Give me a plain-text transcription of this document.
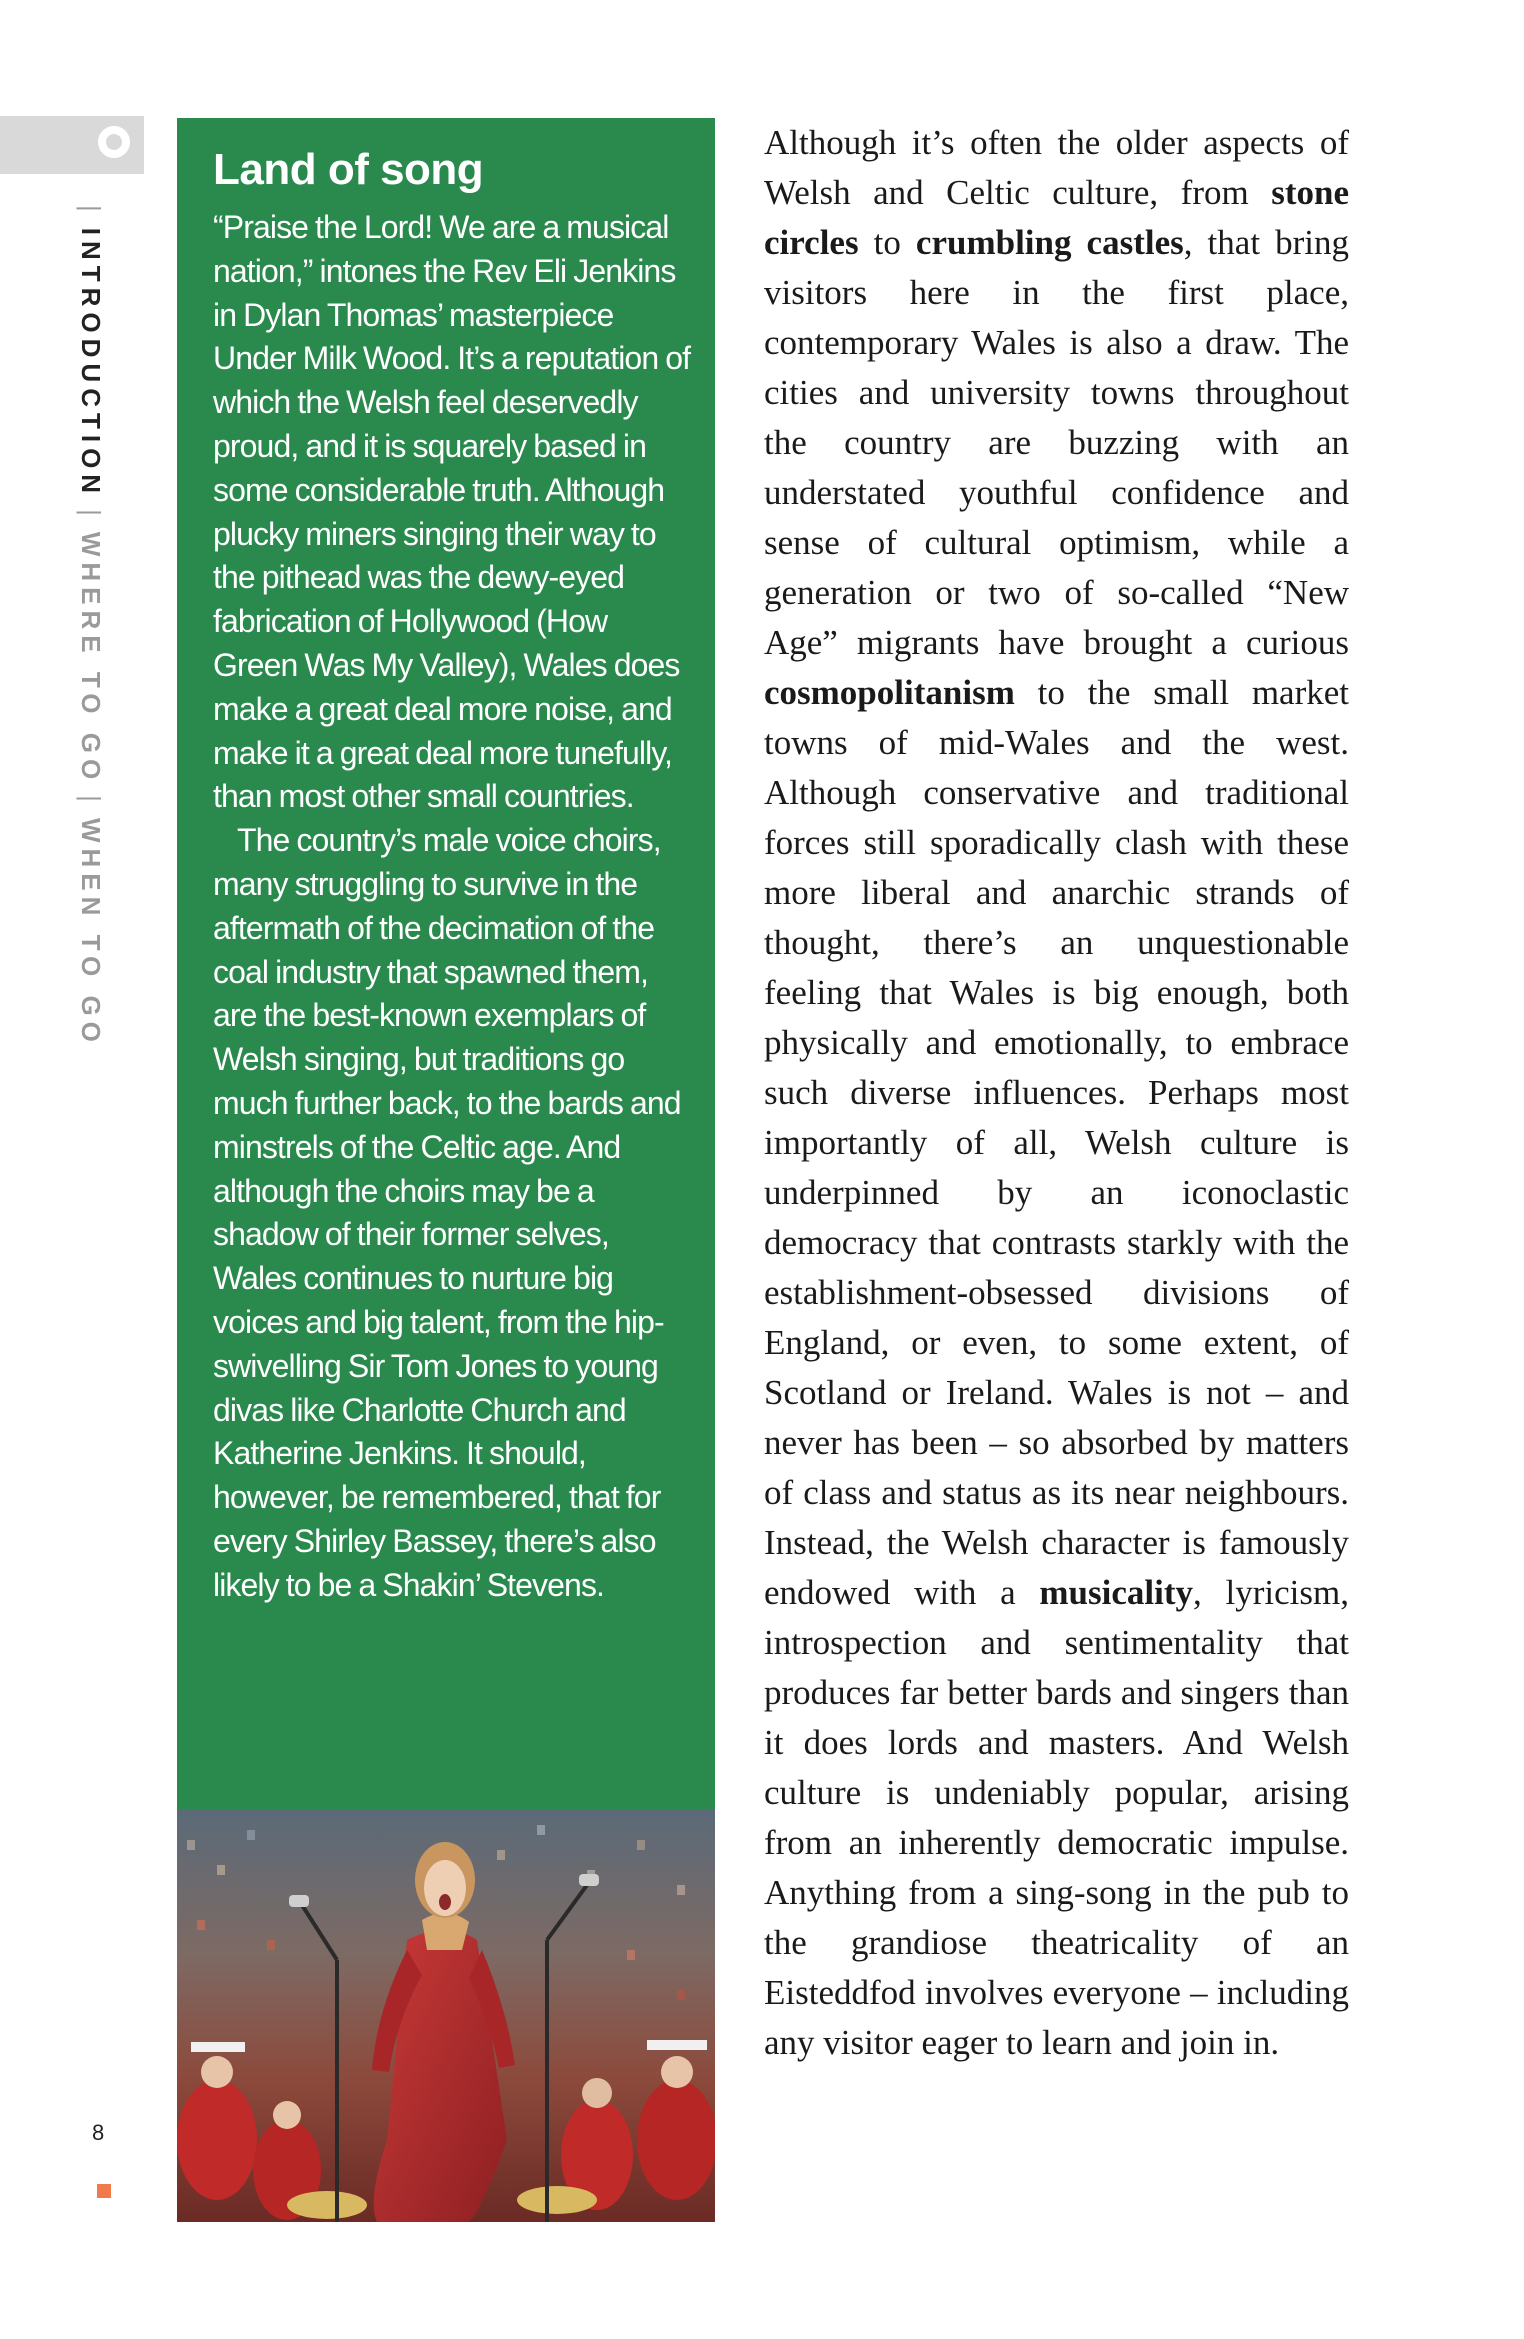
|INTRODUCTION|WHERE TO GO|WHEN TO GO
8
Land of song

“Praise the Lord! We are a musical nation,” intones the Rev Eli Jenkins in Dylan Thomas’ masterpiece Under Milk Wood. It’s a reputation of which the Welsh feel deservedly proud, and it is squarely based in some considerable truth. Although plucky miners singing their way to the pithead was the dewy-eyed fabrication of Hollywood (How Green Was My Valley), Wales does make a great deal more noise, and make it a great deal more tunefully, than most other small countries.

The country’s male voice choirs, many struggling to survive in the aftermath of the decimation of the coal industry that spawned them, are the best-known exemplars of Welsh singing, but traditions go much further back, to the bards and minstrels of the Celtic age. And although the choirs may be a shadow of their former selves, Wales continues to nurture big voices and big talent, from the hip-swivelling Sir Tom Jones to young divas like Charlotte Church and Katherine Jenkins. It should, however, be remembered, that for every Shirley Bassey, there’s also likely to be a Shakin’ Stevens.

Although it’s often the older aspects of Welsh and Celtic culture, from stone circles to crumbling castles, that bring visitors here in the first place, contemporary Wales is also a draw. The cities and university towns throughout the country are buzzing with an understated youthful confidence and sense of cultural optimism, while a generation or two of so-called “New Age” migrants have brought a curious cosmopolitanism to the small market towns of mid-Wales and the west. Although conservative and traditional forces still sporadically clash with these more liberal and anarchic strands of thought, there’s an unquestionable feeling that Wales is big enough, both physically and emotionally, to embrace such diverse influences. Perhaps most importantly of all, Welsh culture is underpinned by an iconoclastic democracy that contrasts starkly with the establishment-obsessed divisions of England, or even, to some extent, of Scotland or Ireland. Wales is not – and never has been – so absorbed by matters of class and status as its near neighbours. Instead, the Welsh character is famously endowed with a musicality, lyricism, introspection and sentimentality that produces far better bards and singers than it does lords and masters. And Welsh culture is undeniably popular, arising from an inherently democratic impulse. Anything from a sing-song in the pub to the grandiose theatricality of an Eisteddfod involves everyone – including any visitor eager to learn and join in.
